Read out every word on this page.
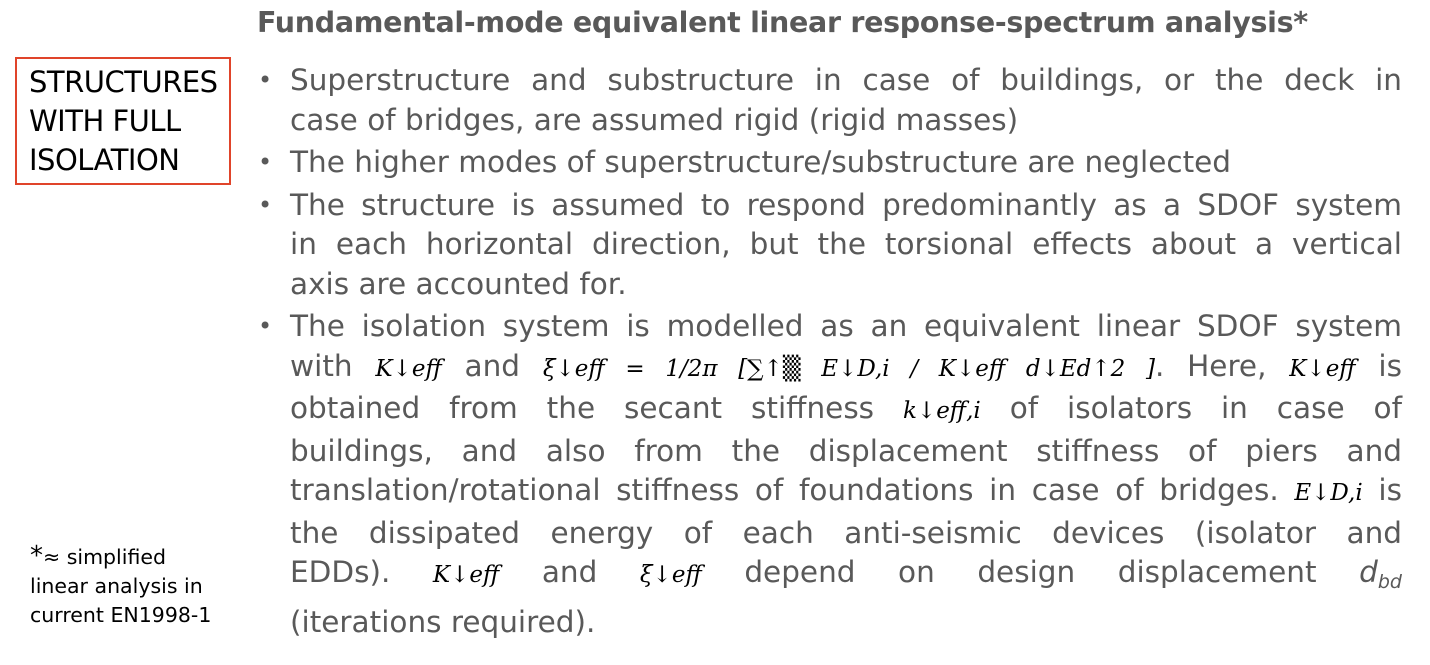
Fundamental-mode equivalent linear response-spectrum analysis*
STRUCTURES
WITH FULL
ISOLATION
*≈ simplified
linear analysis in
current EN1998-1
• Superstructure and substructure in case of buildings, or the deck in
case of bridges, are assumed rigid (rigid masses)
• The higher modes of superstructure/substructure are neglected
• The structure is assumed to respond predominantly as a SDOF system
in each horizontal direction, but the torsional effects about a vertical
axis are accounted for.
• The isolation system is modelled as an equivalent linear SDOF system
with K↓eff and ξ↓eff = 1/2π [∑↑▒ E↓D,i / K↓eff d↓Ed↑2 ]. Here, K↓eff is
obtained from the secant stiffness k↓eff,i of isolators in case of
buildings, and also from the displacement stiffness of piers and
translation/rotational stiffness of foundations in case of bridges. E↓D,i is
the dissipated energy of each anti-seismic devices (isolator and
EDDs). K↓eff and ξ↓eff depend on design displacement $d_{bd}$
(iterations required).
